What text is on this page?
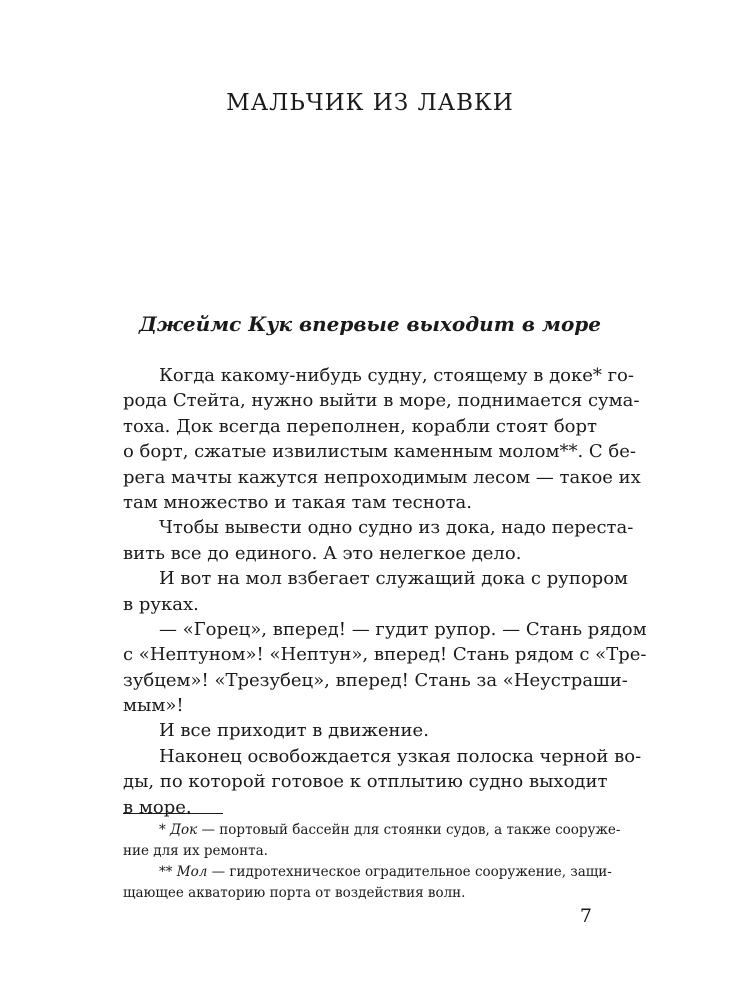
МАЛЬЧИК ИЗ ЛАВКИ
Джеймс Кук впервые выходит в море
Когда какому-нибудь судну, стоящему в доке* го-
рода Стейта, нужно выйти в море, поднимается сума-
тоха. Док всегда переполнен, корабли стоят борт
о борт, сжатые извилистым каменным молом**. С бе-
рега мачты кажутся непроходимым лесом — такое их
там множество и такая там теснота.
Чтобы вывести одно судно из дока, надо переста-
вить все до единого. А это нелегкое дело.
И вот на мол взбегает служащий дока с рупором
в руках.
— «Горец», вперед! — гудит рупор. — Стань рядом
с «Нептуном»! «Нептун», вперед! Стань рядом с «Тре-
зубцем»! «Трезубец», вперед! Стань за «Неустраши-
мым»!
И все приходит в движение.
Наконец освобождается узкая полоска черной во-
ды, по которой готовое к отплытию судно выходит
в море.
* Док — портовый бассейн для стоянки судов, а также сооруже-
ние для их ремонта.
** Мол — гидротехническое оградительное сооружение, защи-
щающее акваторию порта от воздействия волн.
7
